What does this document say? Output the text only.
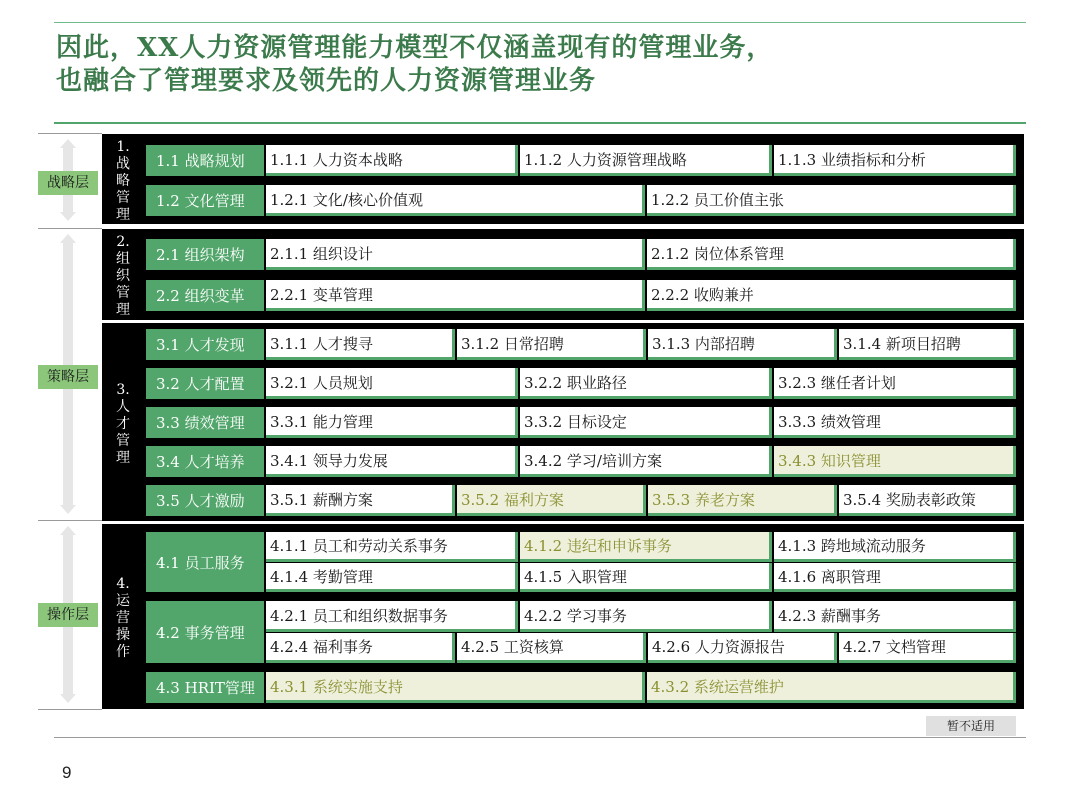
因此，XX人力资源管理能力模型不仅涵盖现有的管理业务，
也融合了管理要求及领先的人力资源管理业务
战略层
策略层
操作层
1.
战
略
管
理
1.1 战略规划	1.1.1 人力资本战略	1.1.2 人力资源管理战略	1.1.3 业绩指标和分析
1.2 文化管理	1.2.1 文化/核心价值观	1.2.2 员工价值主张
2.
组
织
管
理
2.1 组织架构	2.1.1 组织设计	2.1.2 岗位体系管理
2.2 组织变革	2.2.1 变革管理	2.2.2 收购兼并
3.
人
才
管
理
3.1 人才发现	3.1.1 人才搜寻	3.1.2 日常招聘	3.1.3 内部招聘	3.1.4 新项目招聘
3.2 人才配置	3.2.1 人员规划	3.2.2 职业路径	3.2.3 继任者计划
3.3 绩效管理	3.3.1 能力管理	3.3.2 目标设定	3.3.3 绩效管理
3.4 人才培养	3.4.1 领导力发展	3.4.2 学习/培训方案	3.4.3 知识管理
3.5 人才激励	3.5.1 薪酬方案	3.5.2 福利方案	3.5.3 养老方案	3.5.4 奖励表彰政策
4.
运
营
操
作
4.1 员工服务
4.1.1 员工和劳动关系事务	4.1.2 违纪和申诉事务	4.1.3 跨地域流动服务
4.1.4 考勤管理	4.1.5 入职管理	4.1.6 离职管理
4.2 事务管理
4.2.1 员工和组织数据事务	4.2.2 学习事务	4.2.3 薪酬事务
4.2.4 福利事务	4.2.5 工资核算	4.2.6 人力资源报告	4.2.7 文档管理
4.3 HRIT管理	4.3.1 系统实施支持	4.3.2 系统运营维护
暂不适用
9
